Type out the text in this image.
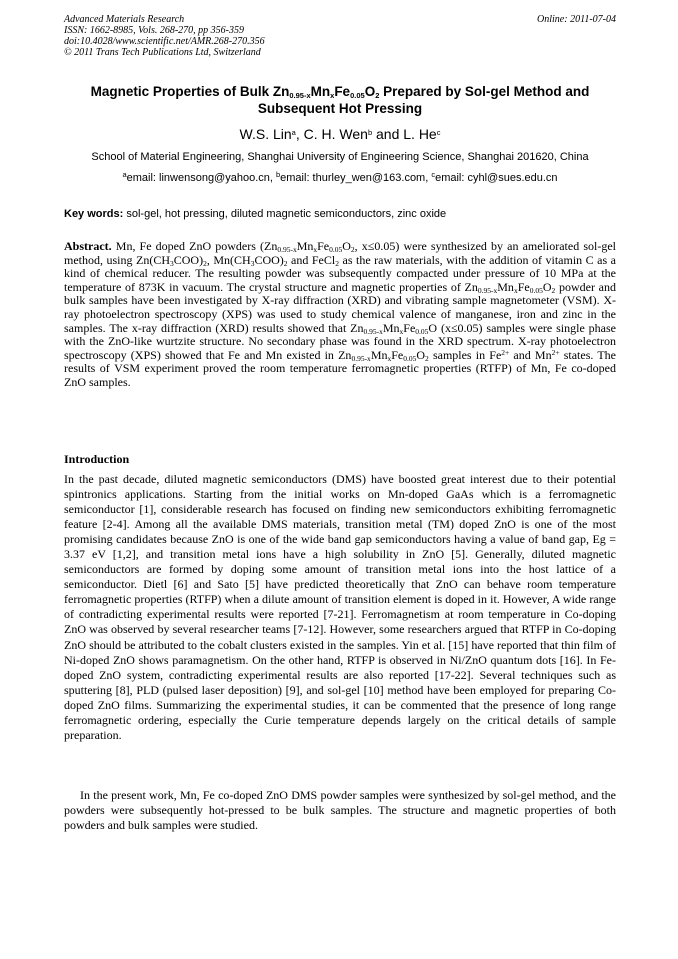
Advanced Materials Research
ISSN: 1662-8985, Vols. 268-270, pp 356-359
doi:10.4028/www.scientific.net/AMR.268-270.356
© 2011 Trans Tech Publications Ltd, Switzerland
Online: 2011-07-04
Magnetic Properties of Bulk $Zn_{0.95-x}Mn_xFe_{0.05}O_2$ Prepared by Sol-gel Method and Subsequent Hot Pressing
W.S. Lin$^a$, C. H. Wen$^b$ and L. He$^c$
School of Material Engineering, Shanghai University of Engineering Science, Shanghai 201620, China
$^a$email: linwensong@yahoo.cn, $^b$email: thurley_wen@163.com, $^c$email: cyhl@sues.edu.cn
Key words: sol-gel, hot pressing, diluted magnetic semiconductors, zinc oxide
Abstract. Mn, Fe doped ZnO powders ($Zn_{0.95-x}Mn_xFe_{0.05}O_2$, x≤0.05) were synthesized by an ameliorated sol-gel method, using $Zn(CH_3COO)_2$, $Mn(CH_3COO)_2$ and FeCl$_2$ as the raw materials, with the addition of vitamin C as a kind of chemical reducer. The resulting powder was subsequently compacted under pressure of 10 MPa at the temperature of 873K in vacuum. The crystal structure and magnetic properties of $Zn_{0.95-x}Mn_xFe_{0.05}O_2$ powder and bulk samples have been investigated by X-ray diffraction (XRD) and vibrating sample magnetometer (VSM). X-ray photoelectron spectroscopy (XPS) was used to study chemical valence of manganese, iron and zinc in the samples. The x-ray diffraction (XRD) results showed that $Zn_{0.95-x}Mn_xFe_{0.05}O$ (x≤0.05) samples were single phase with the ZnO-like wurtzite structure. No secondary phase was found in the XRD spectrum. X-ray photoelectron spectroscopy (XPS) showed that Fe and Mn existed in $Zn_{0.95-x}Mn_xFe_{0.05}O_2$ samples in $Fe^{2+}$ and $Mn^{2+}$ states. The results of VSM experiment proved the room temperature ferromagnetic properties (RTFP) of Mn, Fe co-doped ZnO samples.
Introduction
In the past decade, diluted magnetic semiconductors (DMS) have boosted great interest due to their potential spintronics applications. Starting from the initial works on Mn-doped GaAs which is a ferromagnetic semiconductor [1], considerable research has focused on finding new semiconductors exhibiting ferromagnetic feature [2-4]. Among all the available DMS materials, transition metal (TM) doped ZnO is one of the most promising candidates because ZnO is one of the wide band gap semiconductors having a value of band gap, Eg = 3.37 eV [1,2], and transition metal ions have a high solubility in ZnO [5]. Generally, diluted magnetic semiconductors are formed by doping some amount of transition metal ions into the host lattice of a semiconductor. Dietl [6] and Sato [5] have predicted theoretically that ZnO can behave room temperature ferromagnetic properties (RTFP) when a dilute amount of transition element is doped in it. However, A wide range of contradicting experimental results were reported [7-21]. Ferromagnetism at room temperature in Co-doping ZnO was observed by several researcher teams [7-12]. However, some researchers argued that RTFP in Co-doping ZnO should be attributed to the cobalt clusters existed in the samples. Yin et al. [15] have reported that thin film of Ni-doped ZnO shows paramagnetism. On the other hand, RTFP is observed in Ni/ZnO quantum dots [16]. In Fe-doped ZnO system, contradicting experimental results are also reported [17-22]. Several techniques such as sputtering [8], PLD (pulsed laser deposition) [9], and sol-gel [10] method have been employed for preparing Co-doped ZnO films. Summarizing the experimental studies, it can be commented that the presence of long range ferromagnetic ordering, especially the Curie temperature depends largely on the critical details of sample preparation.
In the present work, Mn, Fe co-doped ZnO DMS powder samples were synthesized by sol-gel method, and the powders were subsequently hot-pressed to be bulk samples. The structure and magnetic properties of both powders and bulk samples were studied.
